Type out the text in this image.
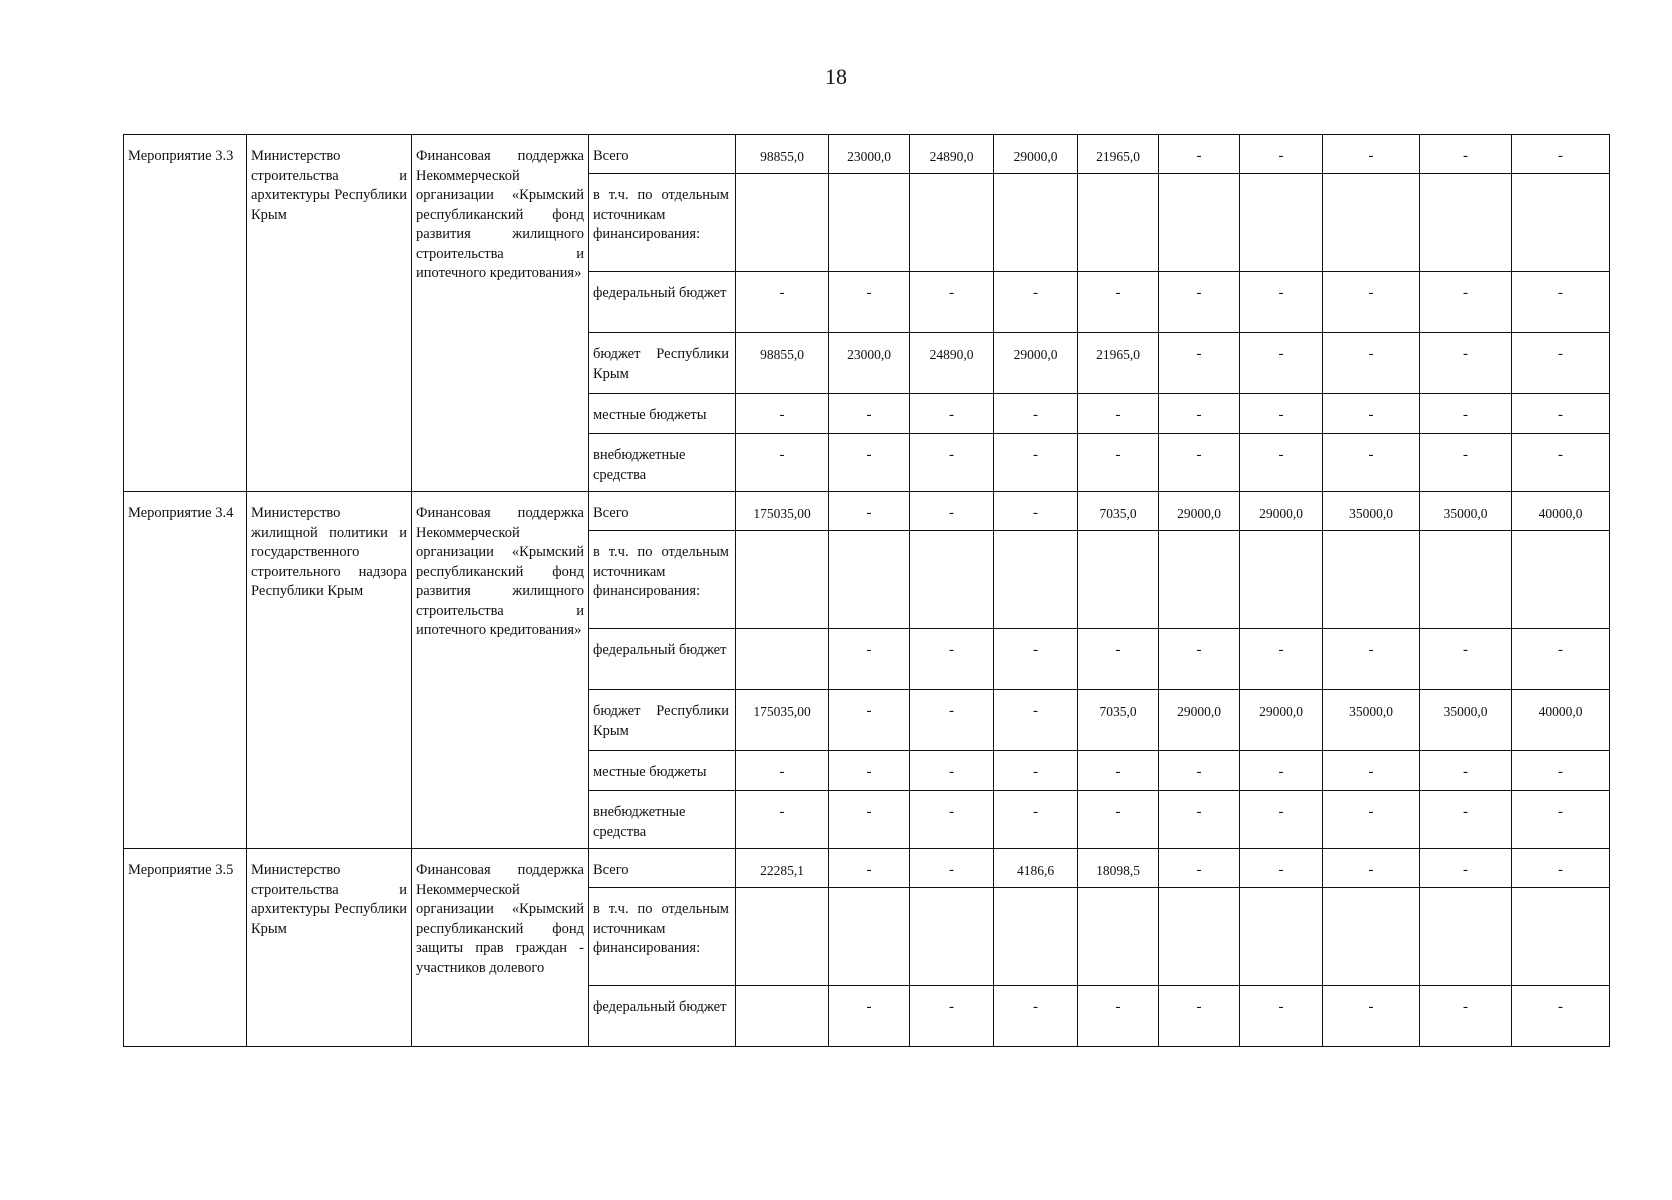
18
Мероприятие 3.3	Министерство строительства и архитектуры Республики Крым	Финансовая поддержка Некоммерческой организации «Крымский республиканский фонд развития жилищного строительства и ипотечного кредитования»	Всего	98855,0	23000,0	24890,0	29000,0	21965,0	-	-	-	-	-
			в т.ч. по отдельным источникам финансирования:										
			федеральный бюджет	-	-	-	-	-	-	-	-	-	-
			бюджет Республики Крым	98855,0	23000,0	24890,0	29000,0	21965,0	-	-	-	-	-
			местные бюджеты	-	-	-	-	-	-	-	-	-	-
			внебюджетные средства	-	-	-	-	-	-	-	-	-	-
Мероприятие 3.4	Министерство жилищной политики и государственного строительного надзора Республики Крым	Финансовая поддержка Некоммерческой организации «Крымский республиканский фонд развития жилищного строительства и ипотечного кредитования»	Всего	175035,00	-	-	-	7035,0	29000,0	29000,0	35000,0	35000,0	40000,0
			в т.ч. по отдельным источникам финансирования:										
			федеральный бюджет		-	-	-	-	-	-	-	-	-
			бюджет Республики Крым	175035,00	-	-	-	7035,0	29000,0	29000,0	35000,0	35000,0	40000,0
			местные бюджеты	-	-	-	-	-	-	-	-	-	-
			внебюджетные средства	-	-	-	-	-	-	-	-	-	-
Мероприятие 3.5	Министерство строительства и архитектуры Республики Крым	Финансовая поддержка Некоммерческой организации «Крымский республиканский фонд защиты прав граждан - участников долевого	Всего	22285,1	-	-	4186,6	18098,5	-	-	-	-	-
			в т.ч. по отдельным источникам финансирования:										
			федеральный бюджет		-	-	-	-	-	-	-	-	-
